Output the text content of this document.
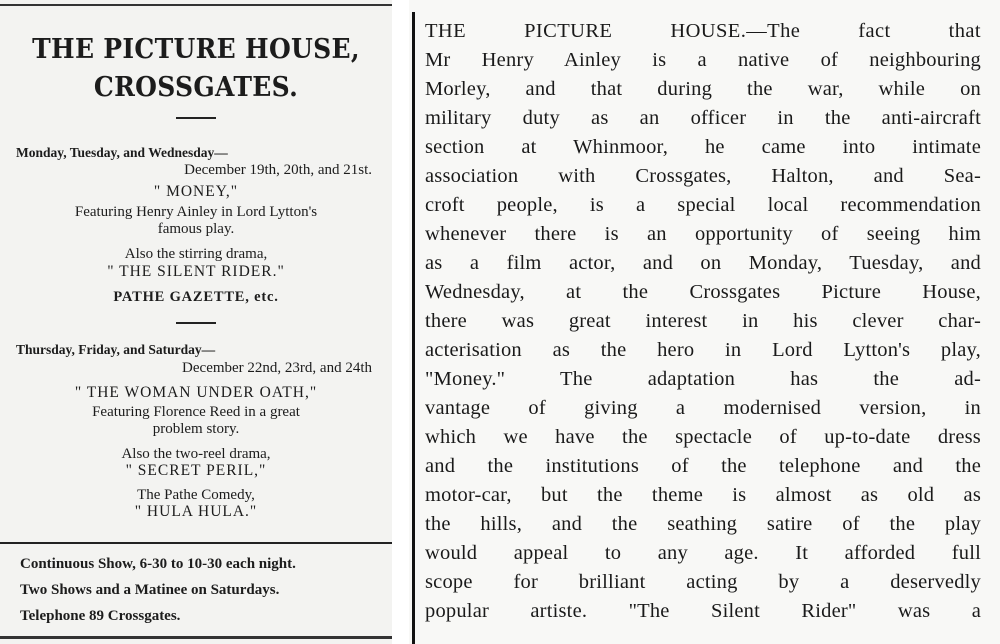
THE PICTURE HOUSE,
CROSSGATES.
Monday, Tuesday, and Wednesday—
December 19th, 20th, and 21st.
" MONEY,"
Featuring Henry Ainley in Lord Lytton's
famous play.
Also the stirring drama,
" THE SILENT RIDER."
PATHE GAZETTE, etc.
Thursday, Friday, and Saturday—
December 22nd, 23rd, and 24th
" THE WOMAN UNDER OATH,"
Featuring Florence Reed in a great
problem story.
Also the two-reel drama,
" SECRET PERIL,"
The Pathe Comedy,
" HULA HULA."
Continuous Show, 6-30 to 10-30 each night.
Two Shows and a Matinee on Saturdays.
Telephone 89 Crossgates.
THE PICTURE HOUSE.—The fact that
Mr Henry Ainley is a native of neighbouring
Morley, and that during the war, while on
military duty as an officer in the anti-aircraft
section at Whinmoor, he came into intimate
association with Crossgates, Halton, and Sea-
croft people, is a special local recommendation
whenever there is an opportunity of seeing him
as a film actor, and on Monday, Tuesday, and
Wednesday, at the Crossgates Picture House,
there was great interest in his clever char-
acterisation as the hero in Lord Lytton's play,
"Money." The adaptation has the ad-
vantage of giving a modernised version, in
which we have the spectacle of up-to-date dress
and the institutions of the telephone and the
motor-car, but the theme is almost as old as
the hills, and the seathing satire of the play
would appeal to any age. It afforded full
scope for brilliant acting by a deservedly
popular artiste. "The Silent Rider" was a
